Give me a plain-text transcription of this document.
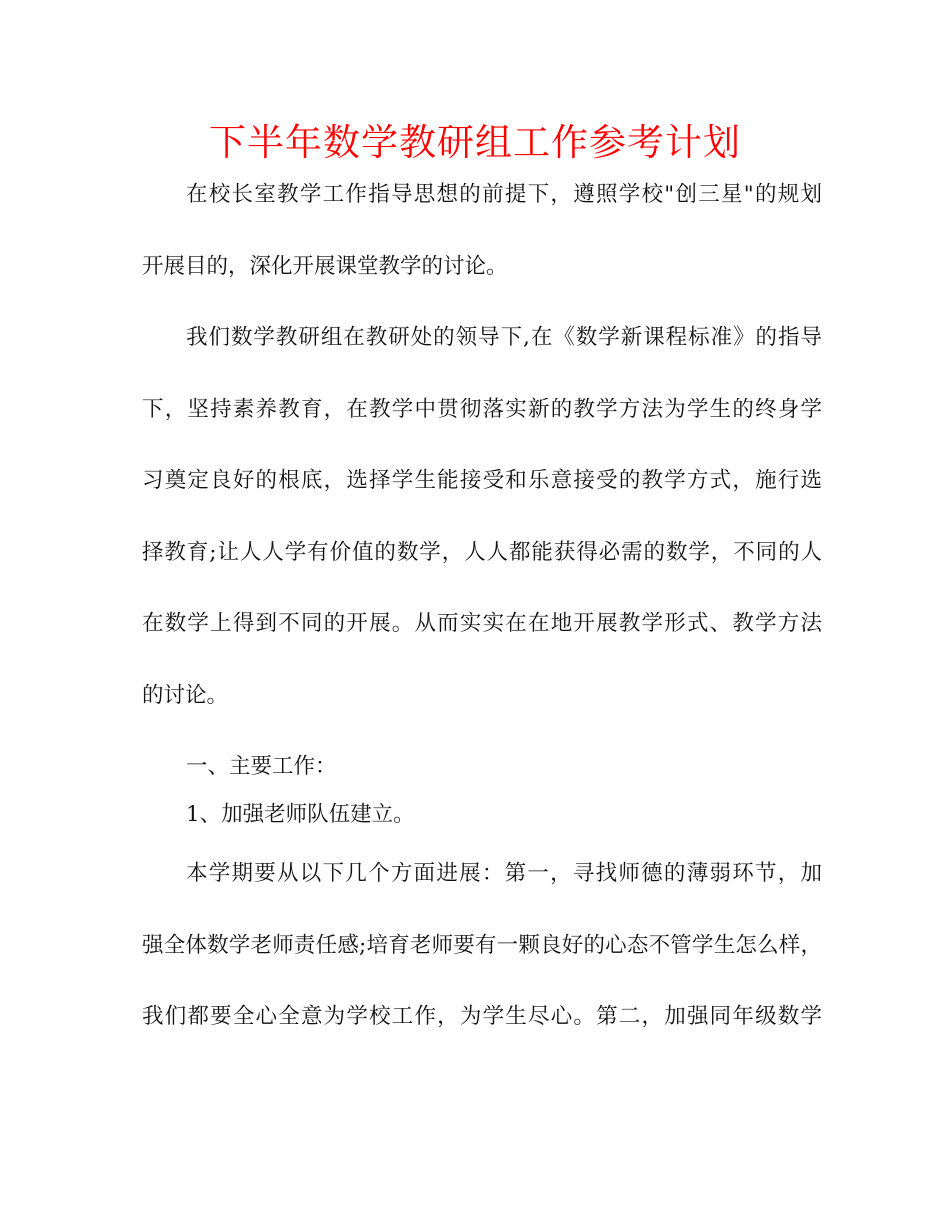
下半年数学教研组工作参考计划

在校长室教学工作指导思想的前提下，遵照学校"创三星"的规划

开展目的，深化开展课堂教学的讨论。

我们数学教研组在教研处的领导下,在《数学新课程标准》的指导

下，坚持素养教育，在教学中贯彻落实新的教学方法为学生的终身学

习奠定良好的根底，选择学生能接受和乐意接受的教学方式，施行选

择教育;让人人学有价值的数学，人人都能获得必需的数学，不同的人

在数学上得到不同的开展。从而实实在在地开展教学形式、教学方法

的讨论。

一、主要工作：

1、加强老师队伍建立。

本学期要从以下几个方面进展：第一，寻找师德的薄弱环节，加

强全体数学老师责任感;培育老师要有一颗良好的心态不管学生怎么样，

我们都要全心全意为学校工作，为学生尽心。第二，加强同年级数学
